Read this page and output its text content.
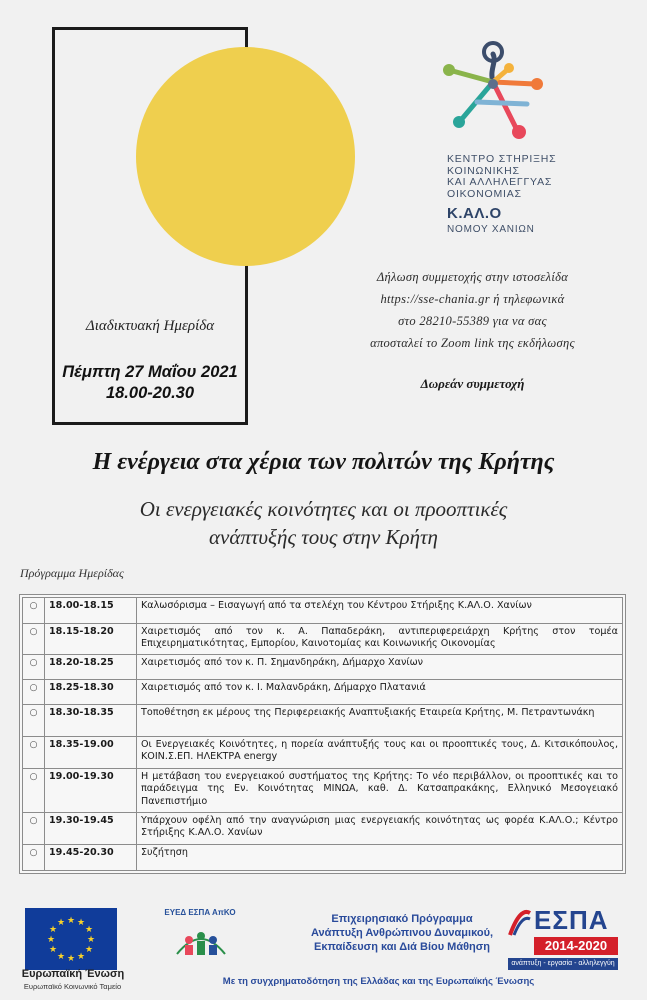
Διαδικτυακή Ημερίδα
Πέμπτη 27 Μαΐου 2021
18.00-20.30
ΚΕΝΤΡΟ ΣΤΗΡΙΞΗΣ
ΚΟΙΝΩΝΙΚΗΣ
ΚΑΙ ΑΛΛΗΛΕΓΓΥΑΣ
ΟΙΚΟΝΟΜΙΑΣ
Κ.ΑΛ.Ο
ΝΟΜΟΥ ΧΑΝΙΩΝ
Δήλωση συμμετοχής στην ιστοσελίδα
https://sse-chania.gr ή τηλεφωνικά
στο 28210-55389 για να σας
αποσταλεί το Zoom link της εκδήλωσης
Δωρεάν συμμετοχή
Η ενέργεια στα χέρια των πολιτών της Κρήτης
Οι ενεργειακές κοινότητες και οι προοπτικές
ανάπτυξής τους στην Κρήτη
Πρόγραμμα Ημερίδας
○	18.00-18.15	Καλωσόρισμα – Εισαγωγή από τα στελέχη του Κέντρου Στήριξης Κ.ΑΛ.Ο. Χανίων
○	18.15-18.20	Χαιρετισμός από τον κ. Α. Παπαδεράκη, αντιπεριφερειάρχη Κρήτης στον τομέα Επιχειρηματικότητας, Εμπορίου, Καινοτομίας και Κοινωνικής Οικονομίας
○	18.20-18.25	Χαιρετισμός από τον κ. Π. Σημανδηράκη, Δήμαρχο Χανίων
○	18.25-18.30	Χαιρετισμός από τον κ. Ι. Μαλανδράκη, Δήμαρχο Πλατανιά
○	18.30-18.35	Τοποθέτηση εκ μέρους της Περιφερειακής Αναπτυξιακής Εταιρεία Κρήτης, Μ. Πετραντωνάκη
○	18.35-19.00	Οι Ενεργειακές Κοινότητες, η πορεία ανάπτυξής τους και οι προοπτικές τους, Δ. Κιτσικόπουλος, ΚΟΙΝ.Σ.ΕΠ. ΗΛΕΚΤΡΑ energy
○	19.00-19.30	Η μετάβαση του ενεργειακού συστήματος της Κρήτης: Το νέο περιβάλλον, οι προοπτικές και το παράδειγμα της Εν. Κοινότητας ΜΙΝΩΑ, καθ. Δ. Κατσαπρακάκης, Ελληνικό Μεσογειακό Πανεπιστήμιο
○	19.30-19.45	Υπάρχουν οφέλη από την αναγνώριση μιας ενεργειακής κοινότητας ως φορέα Κ.ΑΛ.Ο.; Κέντρο Στήριξης Κ.ΑΛ.Ο. Χανίων
○	19.45-20.30	Συζήτηση
★ ★
★
★
★
★
★
★
★
★
★
★
Ευρωπαϊκή Ένωση
Ευρωπαϊκό Κοινωνικό Ταμείο
ΕΥΕΔ ΕΣΠΑ ΑπΚΟ
Επιχειρησιακό Πρόγραμμα
Ανάπτυξη Ανθρώπινου Δυναμικού,
Εκπαίδευση και Διά Βίου Μάθηση
ΕΣΠΑ
2014-2020
ανάπτυξη - εργασία - αλληλεγγύη
Με τη συγχρηματοδότηση της Ελλάδας και της Ευρωπαϊκής Ένωσης
